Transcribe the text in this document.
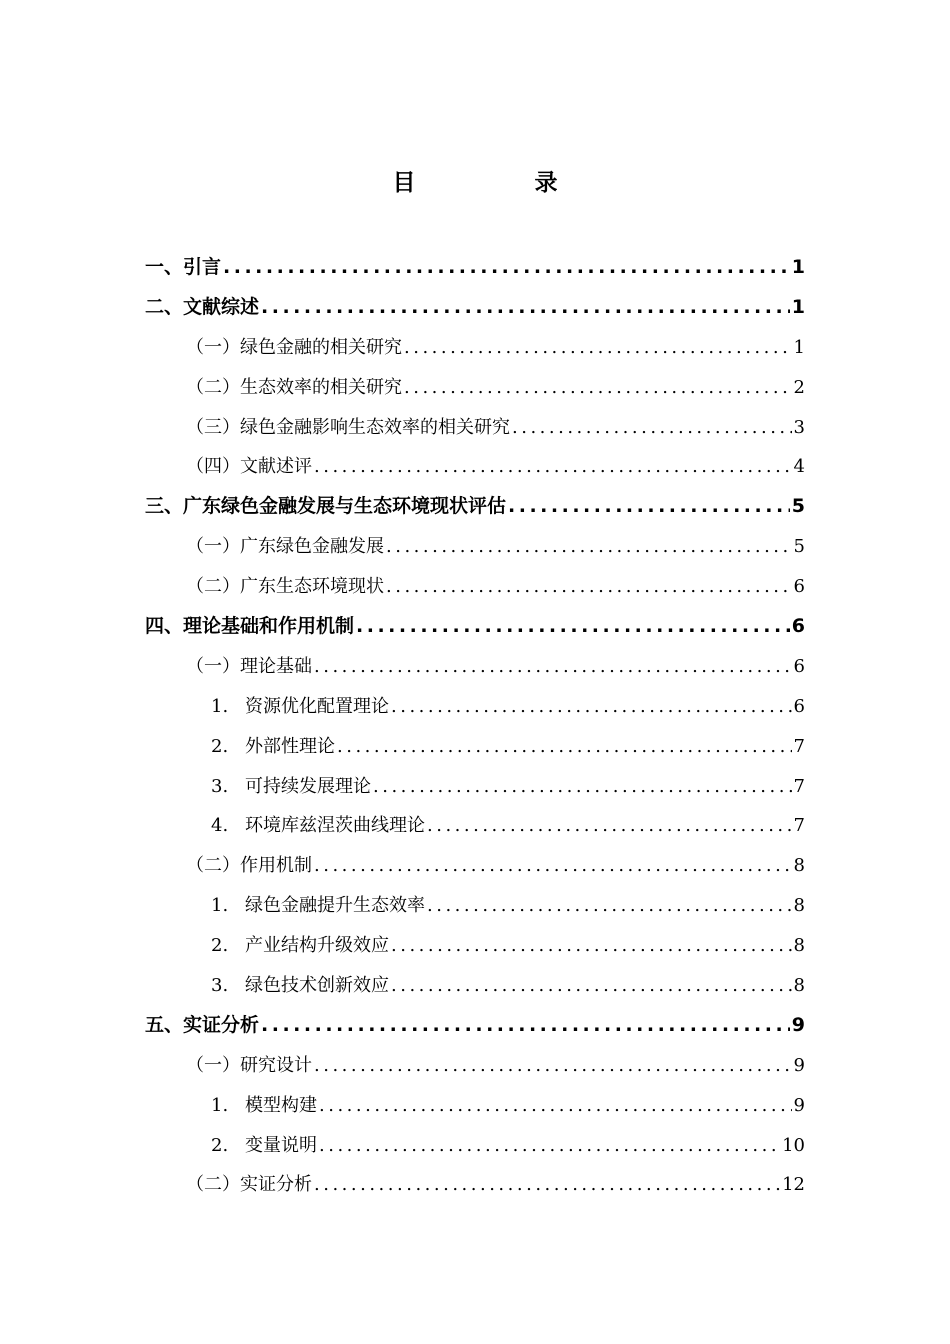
目　录
一、引言 .....	1
二、文献综述 .....	1
（一）绿色金融的相关研究 .....	1
（二）生态效率的相关研究 .....	2
（三）绿色金融影响生态效率的相关研究 .....	3
（四）文献述评 .....	4
三、广东绿色金融发展与生态环境现状评估 .....	5
（一）广东绿色金融发展 .....	5
（二）广东生态环境现状 .....	6
四、理论基础和作用机制 .....	6
（一）理论基础 .....	6
1. 资源优化配置理论 .....	6
2. 外部性理论 .....	7
3. 可持续发展理论 .....	7
4. 环境库兹涅茨曲线理论 .....	7
（二）作用机制 .....	8
1. 绿色金融提升生态效率 .....	8
2. 产业结构升级效应 .....	8
3. 绿色技术创新效应 .....	8
五、实证分析 .....	9
（一）研究设计 .....	9
1. 模型构建 .....	9
2. 变量说明 .....	10
（二）实证分析 .....	12
